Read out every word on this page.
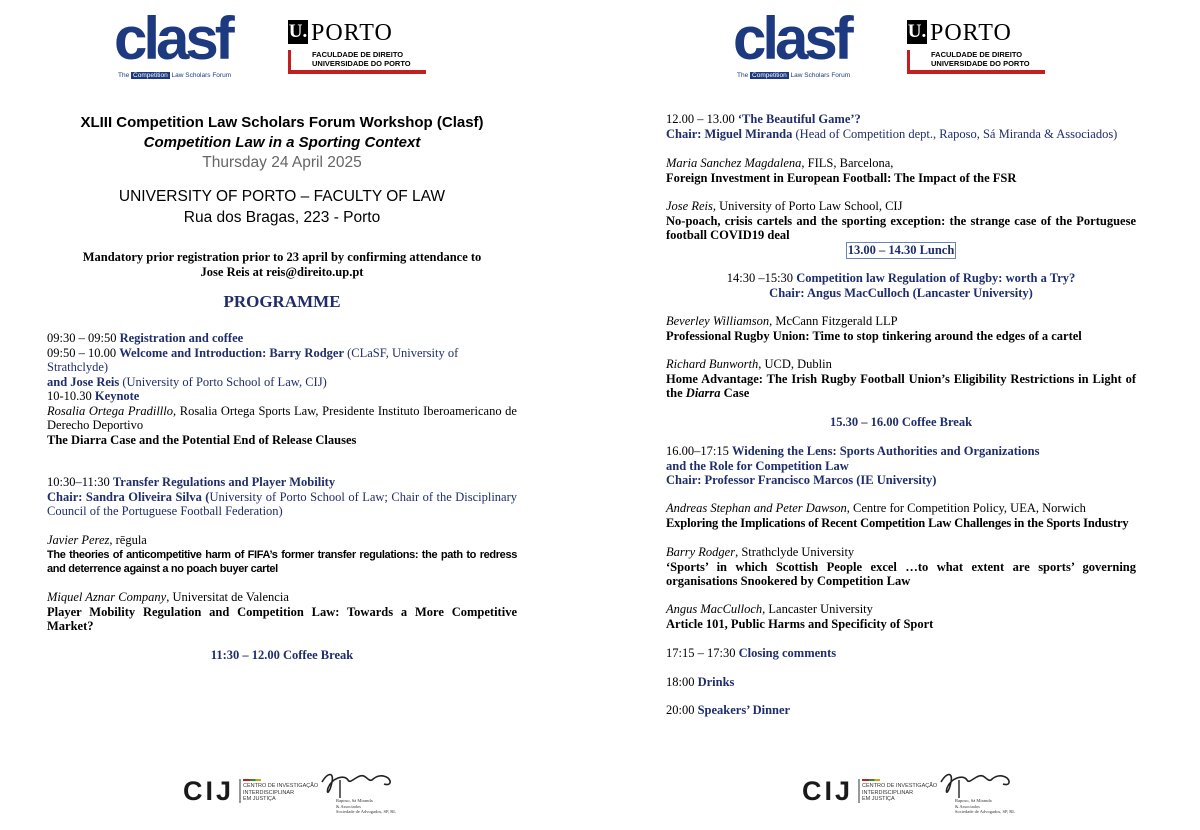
clasf
The Competition Law Scholars Forum
U. PORTO
FACULDADE DE DIREITO
UNIVERSIDADE DO PORTO
XLIII Competition Law Scholars Forum Workshop (Clasf)
Competition Law in a Sporting Context
Thursday 24 April 2025
UNIVERSITY OF PORTO – FACULTY OF LAW
Rua dos Bragas, 223 - Porto
Mandatory prior registration prior to 23 april by confirming attendance to
Jose Reis at reis@direito.up.pt
PROGRAMME
09:30 – 09:50 Registration and coffee
09:50 – 10.00 Welcome and Introduction: Barry Rodger (CLaSF, University of Strathclyde)
and Jose Reis (University of Porto School of Law, CIJ)
10-10.30 Keynote
Rosalia Ortega Pradilllo, Rosalia Ortega Sports Law, Presidente Instituto Iberoamericano de
Derecho Deportivo
The Diarra Case and the Potential End of Release Clauses
10:30–11:30 Transfer Regulations and Player Mobility
Chair: Sandra Oliveira Silva (University of Porto School of Law; Chair of the Disciplinary
Council of the Portuguese Football Federation)
Javier Perez, rēgula
The theories of anticompetitive harm of FIFA’s former transfer regulations: the path to redress and deterrence against a no poach buyer cartel
Miquel Aznar Company, Universitat de Valencia
Player Mobility Regulation and Competition Law: Towards a More Competitive Market?
11:30 – 12.00 Coffee Break
CIJ CENTRO DE INVESTIGAÇÃO
INTERDISCIPLINAR
EM JUSTIÇA	Raposo, Sá Miranda
& Associados
Sociedade de Advogados, SP, RL
clasf
The Competition Law Scholars Forum
U. PORTO
FACULDADE DE DIREITO
UNIVERSIDADE DO PORTO
12.00 – 13.00 ‘The Beautiful Game’?
Chair: Miguel Miranda (Head of Competition dept., Raposo, Sá Miranda & Associados)
Maria Sanchez Magdalena, FILS, Barcelona,
Foreign Investment in European Football: The Impact of the FSR
Jose Reis, University of Porto Law School, CIJ
No-poach, crisis cartels and the sporting exception: the strange case of the Portuguese football COVID19 deal
13.00 – 14.30 Lunch
14:30 –15:30 Competition law Regulation of Rugby: worth a Try?
Chair: Angus MacCulloch (Lancaster University)
Beverley Williamson, McCann Fitzgerald LLP
Professional Rugby Union: Time to stop tinkering around the edges of a cartel
Richard Bunworth, UCD, Dublin
Home Advantage: The Irish Rugby Football Union’s Eligibility Restrictions in Light of the Diarra Case
15.30 – 16.00 Coffee Break
16.00–17:15 Widening the Lens: Sports Authorities and Organizations
and the Role for Competition Law
Chair: Professor Francisco Marcos (IE University)
Andreas Stephan and Peter Dawson, Centre for Competition Policy, UEA, Norwich
Exploring the Implications of Recent Competition Law Challenges in the Sports Industry
Barry Rodger, Strathclyde University
‘Sports’ in which Scottish People excel …to what extent are sports’ governing organisations Snookered by Competition Law
Angus MacCulloch, Lancaster University
Article 101, Public Harms and Specificity of Sport
17:15 – 17:30 Closing comments
18:00 Drinks
20:00 Speakers’ Dinner
CIJ CENTRO DE INVESTIGAÇÃO
INTERDISCIPLINAR
EM JUSTIÇA	Raposo, Sá Miranda
& Associados
Sociedade de Advogados, SP, RL
